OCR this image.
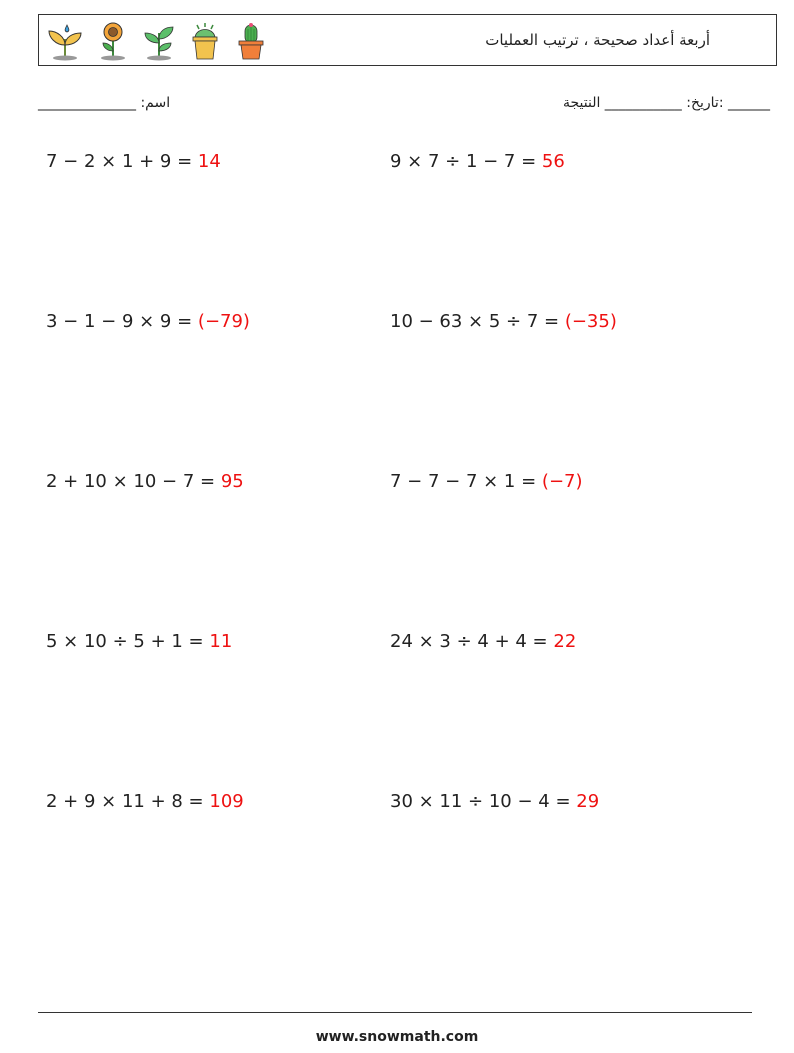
أربعة أعداد صحيحة ، ترتيب العمليات
______________ :اسم	______ :تاريخ: ___________ النتيجة
7 − 2 × 1 + 9 = 14	9 × 7 ÷ 1 − 7 = 56
3 − 1 − 9 × 9 = (−79)	10 − 63 × 5 ÷ 7 = (−35)
2 + 10 × 10 − 7 = 95	7 − 7 − 7 × 1 = (−7)
5 × 10 ÷ 5 + 1 = 11	24 × 3 ÷ 4 + 4 = 22
2 + 9 × 11 + 8 = 109	30 × 11 ÷ 10 − 4 = 29
www.snowmath.com
